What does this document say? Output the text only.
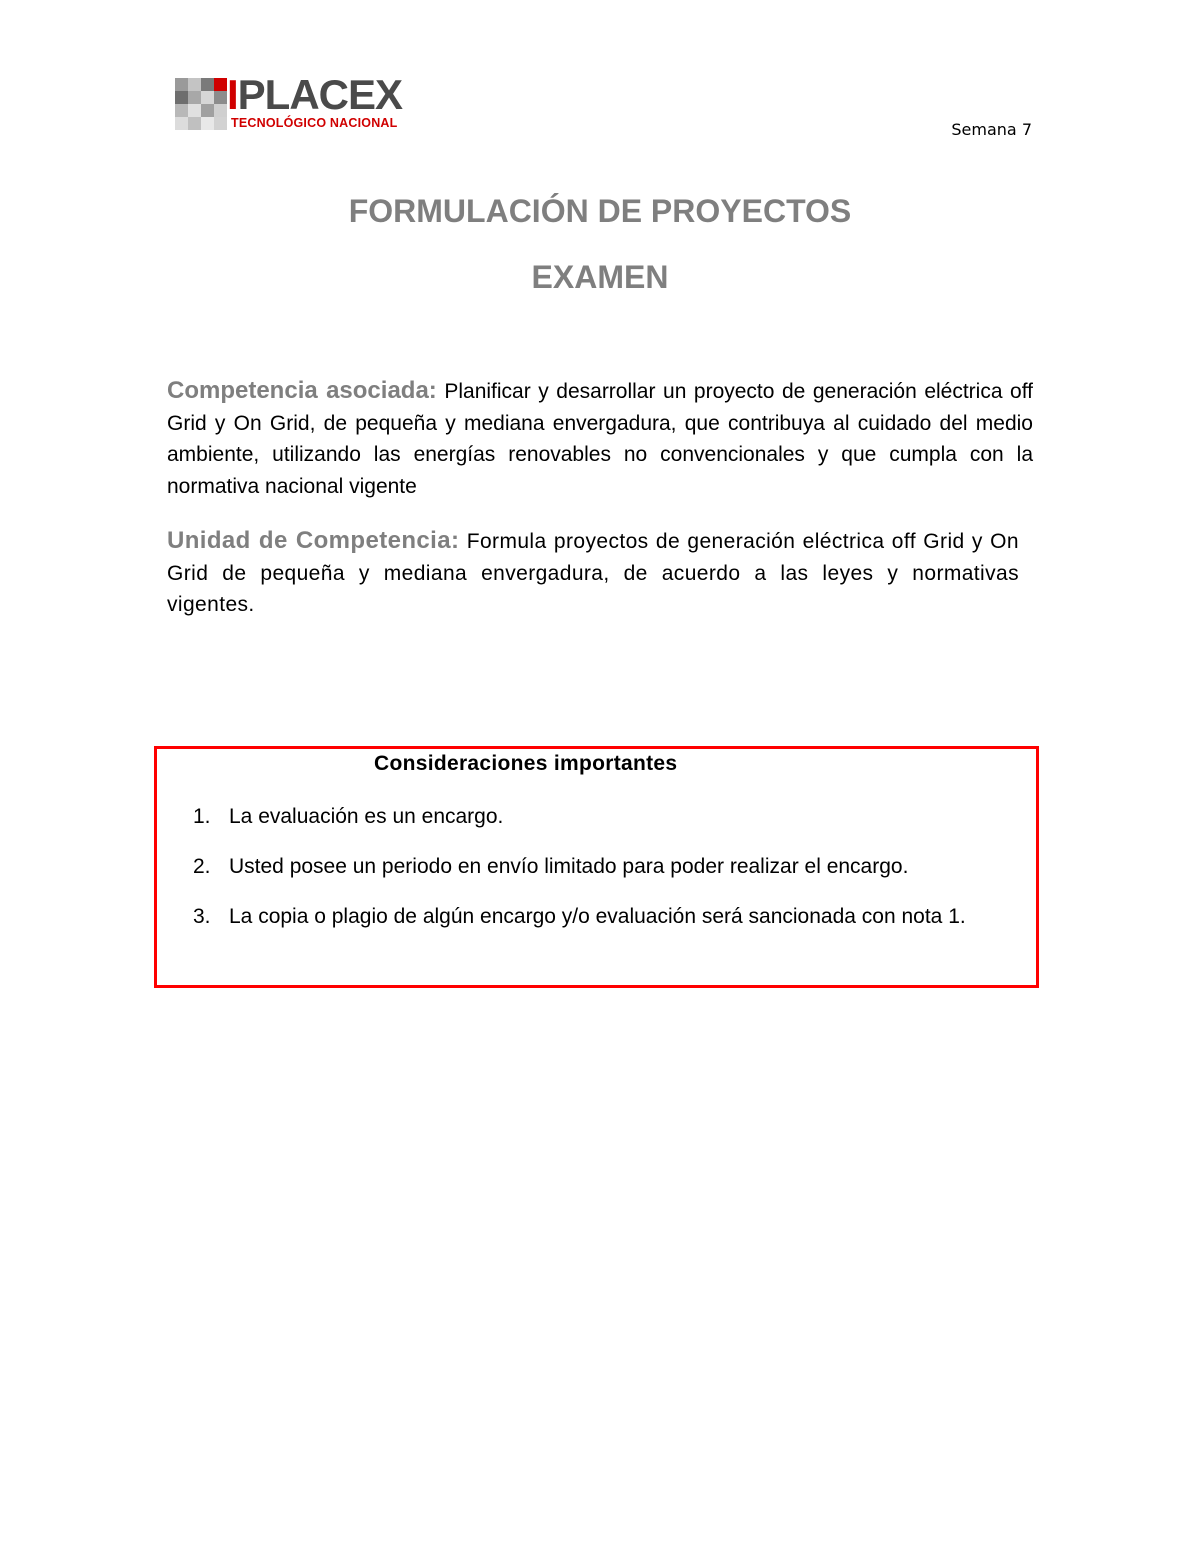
IPLACEX
TECNOLÓGICO NACIONAL	Semana 7
FORMULACIÓN DE PROYECTOS
EXAMEN
Competencia asociada: Planificar y desarrollar un proyecto de generación eléctrica off Grid y On Grid, de pequeña y mediana envergadura, que contribuya al cuidado del medio ambiente, utilizando las energías renovables no convencionales y que cumpla con la normativa nacional vigente
Unidad de Competencia: Formula proyectos de generación eléctrica off Grid y On Grid de pequeña y mediana envergadura, de acuerdo a las leyes y normativas vigentes.
Consideraciones importantes
1. La evaluación es un encargo.
2. Usted posee un periodo en envío limitado para poder realizar el encargo.
3. La copia o plagio de algún encargo y/o evaluación será sancionada con nota 1.
